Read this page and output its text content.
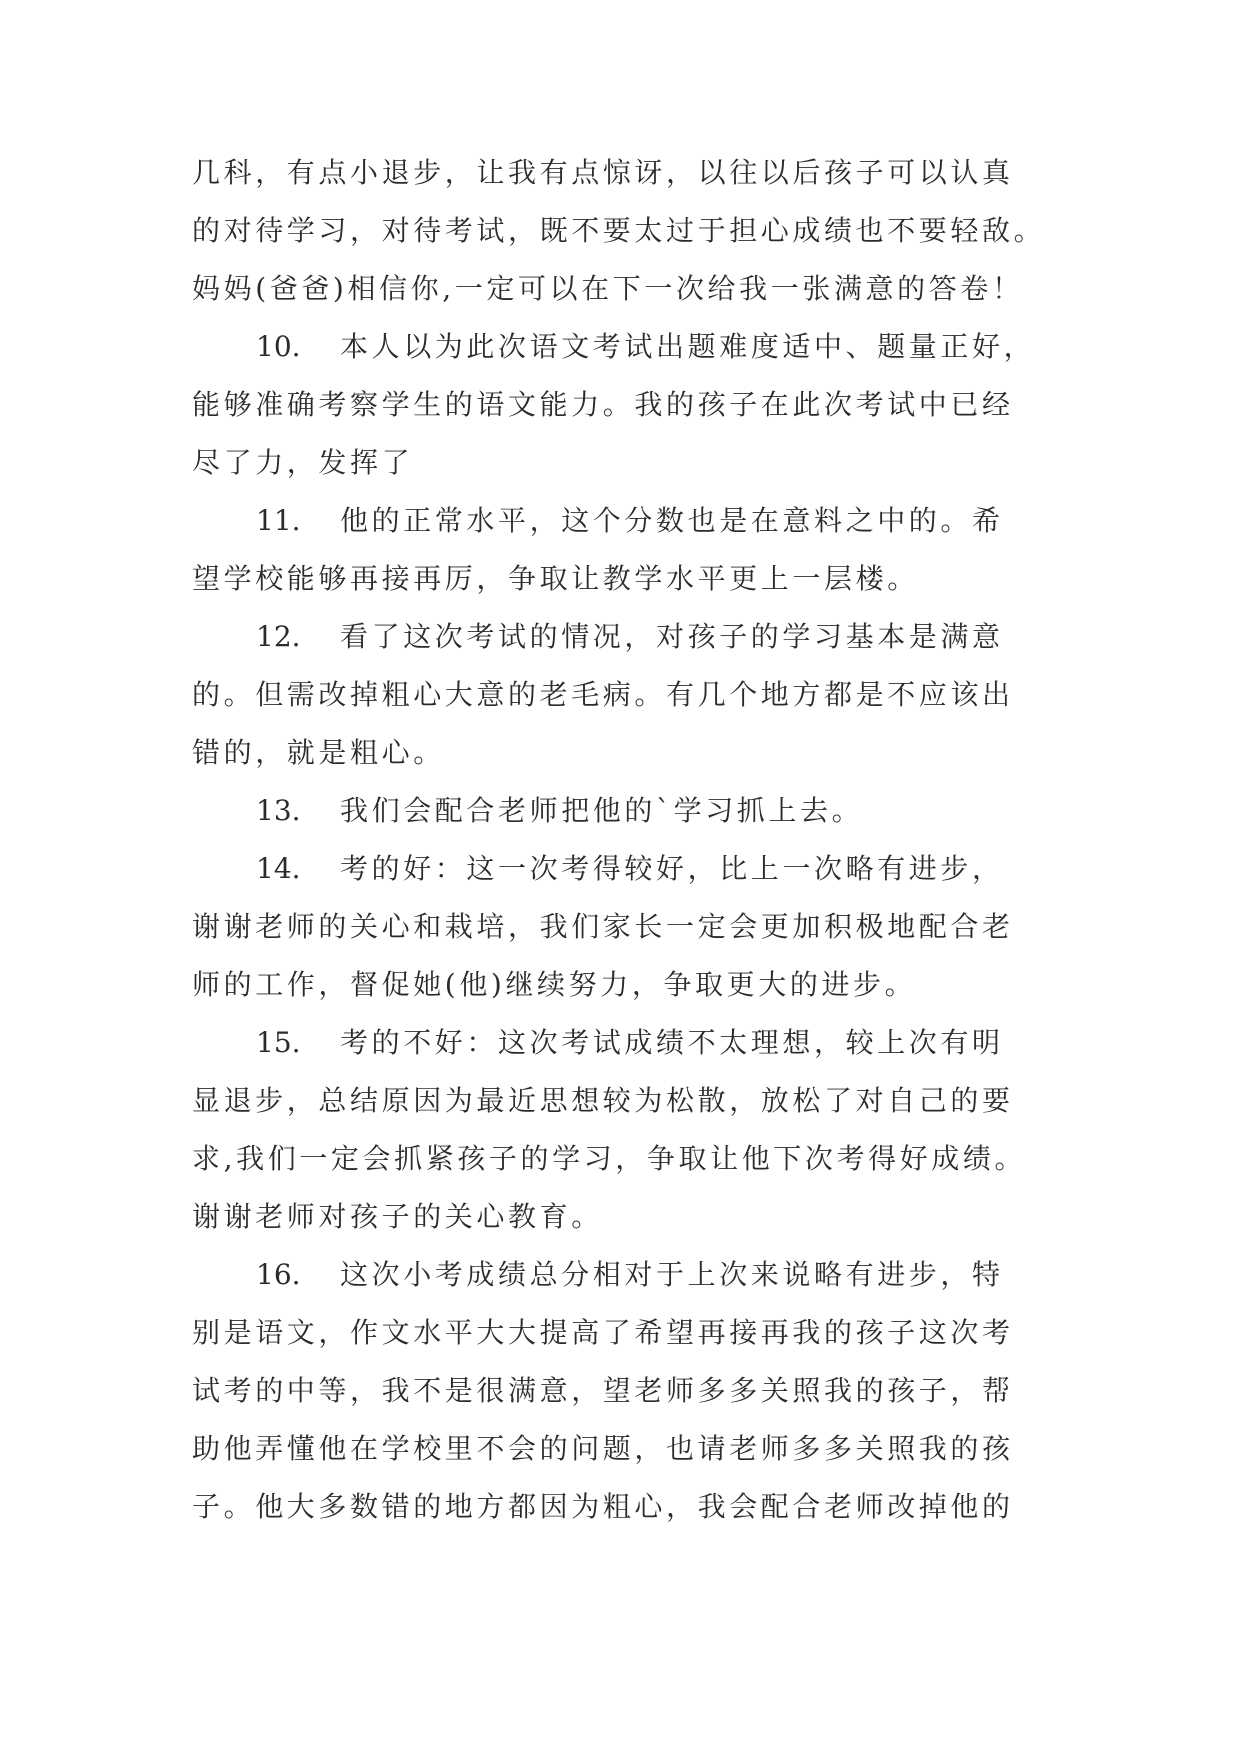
几科，有点小退步，让我有点惊讶，以往以后孩子可以认真
的对待学习，对待考试，既不要太过于担心成绩也不要轻敌。
妈妈(爸爸)相信你,一定可以在下一次给我一张满意的答卷！
10. 本人以为此次语文考试出题难度适中、题量正好，
能够准确考察学生的语文能力。我的孩子在此次考试中已经
尽了力，发挥了
11. 他的正常水平，这个分数也是在意料之中的。希
望学校能够再接再厉，争取让教学水平更上一层楼。
12. 看了这次考试的情况，对孩子的学习基本是满意
的。但需改掉粗心大意的老毛病。有几个地方都是不应该出
错的，就是粗心。
13. 我们会配合老师把他的`学习抓上去。
14. 考的好：这一次考得较好，比上一次略有进步，
谢谢老师的关心和栽培，我们家长一定会更加积极地配合老
师的工作，督促她(他)继续努力，争取更大的进步。
15. 考的不好：这次考试成绩不太理想，较上次有明
显退步，总结原因为最近思想较为松散，放松了对自己的要
求,我们一定会抓紧孩子的学习，争取让他下次考得好成绩。
谢谢老师对孩子的关心教育。
16. 这次小考成绩总分相对于上次来说略有进步，特
别是语文，作文水平大大提高了希望再接再我的孩子这次考
试考的中等，我不是很满意，望老师多多关照我的孩子，帮
助他弄懂他在学校里不会的问题，也请老师多多关照我的孩
子。他大多数错的地方都因为粗心，我会配合老师改掉他的
